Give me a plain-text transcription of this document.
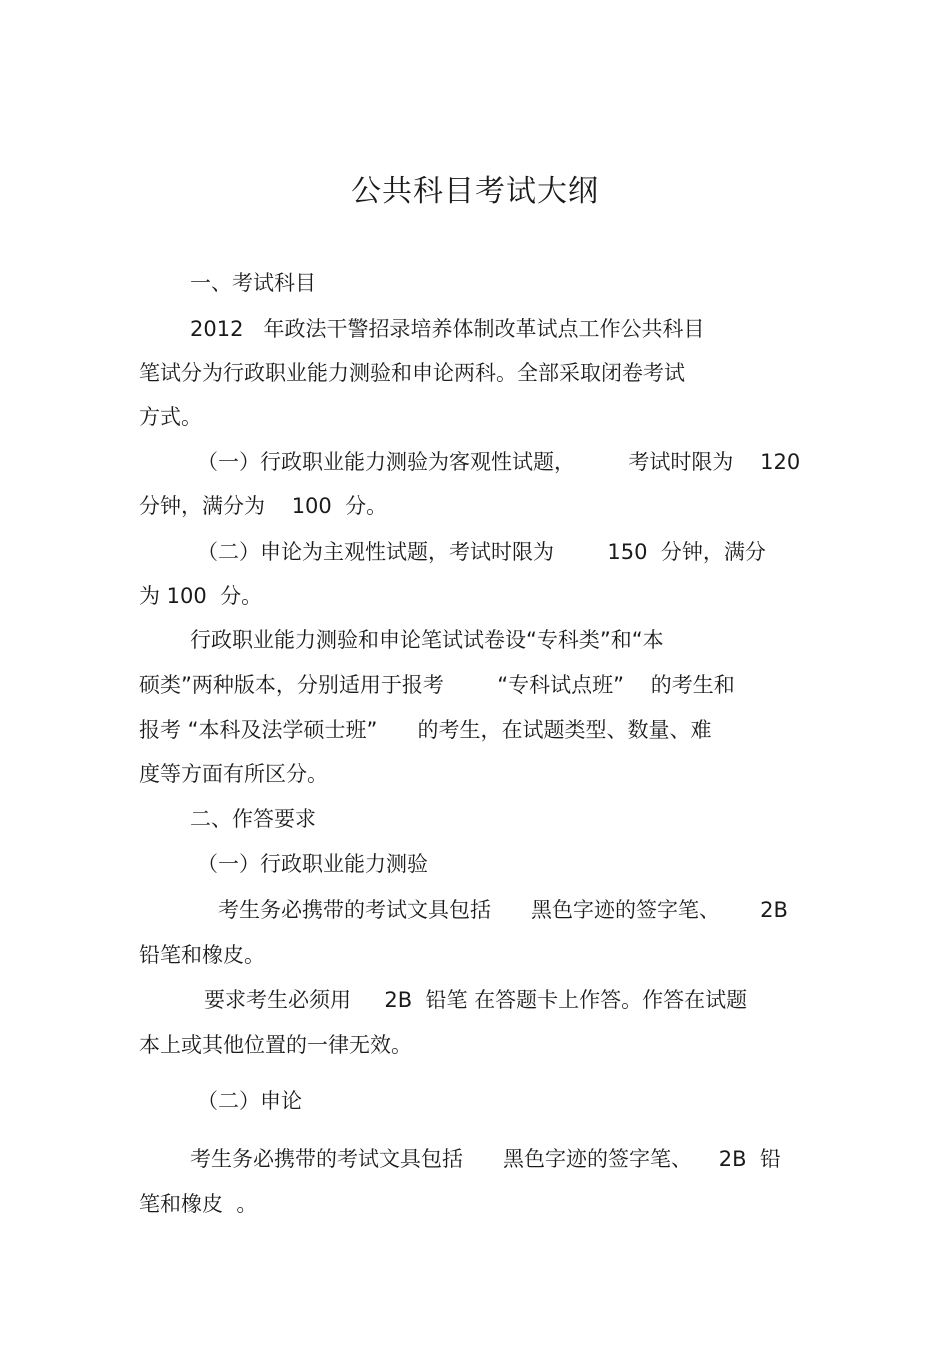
公共科目考试大纲
一、考试科目
2012   年政法干警招录培养体制改革试点工作公共科目
笔试分为行政职业能力测验和申论两科。全部采取闭卷考试
方式。
（一）行政职业能力测验为客观性试题，        考试时限为    120
分钟，满分为    100  分。
（二）申论为主观性试题，考试时限为        150  分钟，满分
为 100  分。
行政职业能力测验和申论笔试试卷设“专科类”和“本
硕类”两种版本，分别适用于报考        “专科试点班”    的考生和
报考 “本科及法学硕士班”      的考生，在试题类型、数量、难
度等方面有所区分。
二、作答要求
（一）行政职业能力测验
考生务必携带的考试文具包括      黑色字迹的签字笔、      2B
铅笔和橡皮。
要求考生必须用     2B  铅笔 在答题卡上作答。作答在试题
本上或其他位置的一律无效。
（二）申论
考生务必携带的考试文具包括      黑色字迹的签字笔、    2B  铅
笔和橡皮  。
